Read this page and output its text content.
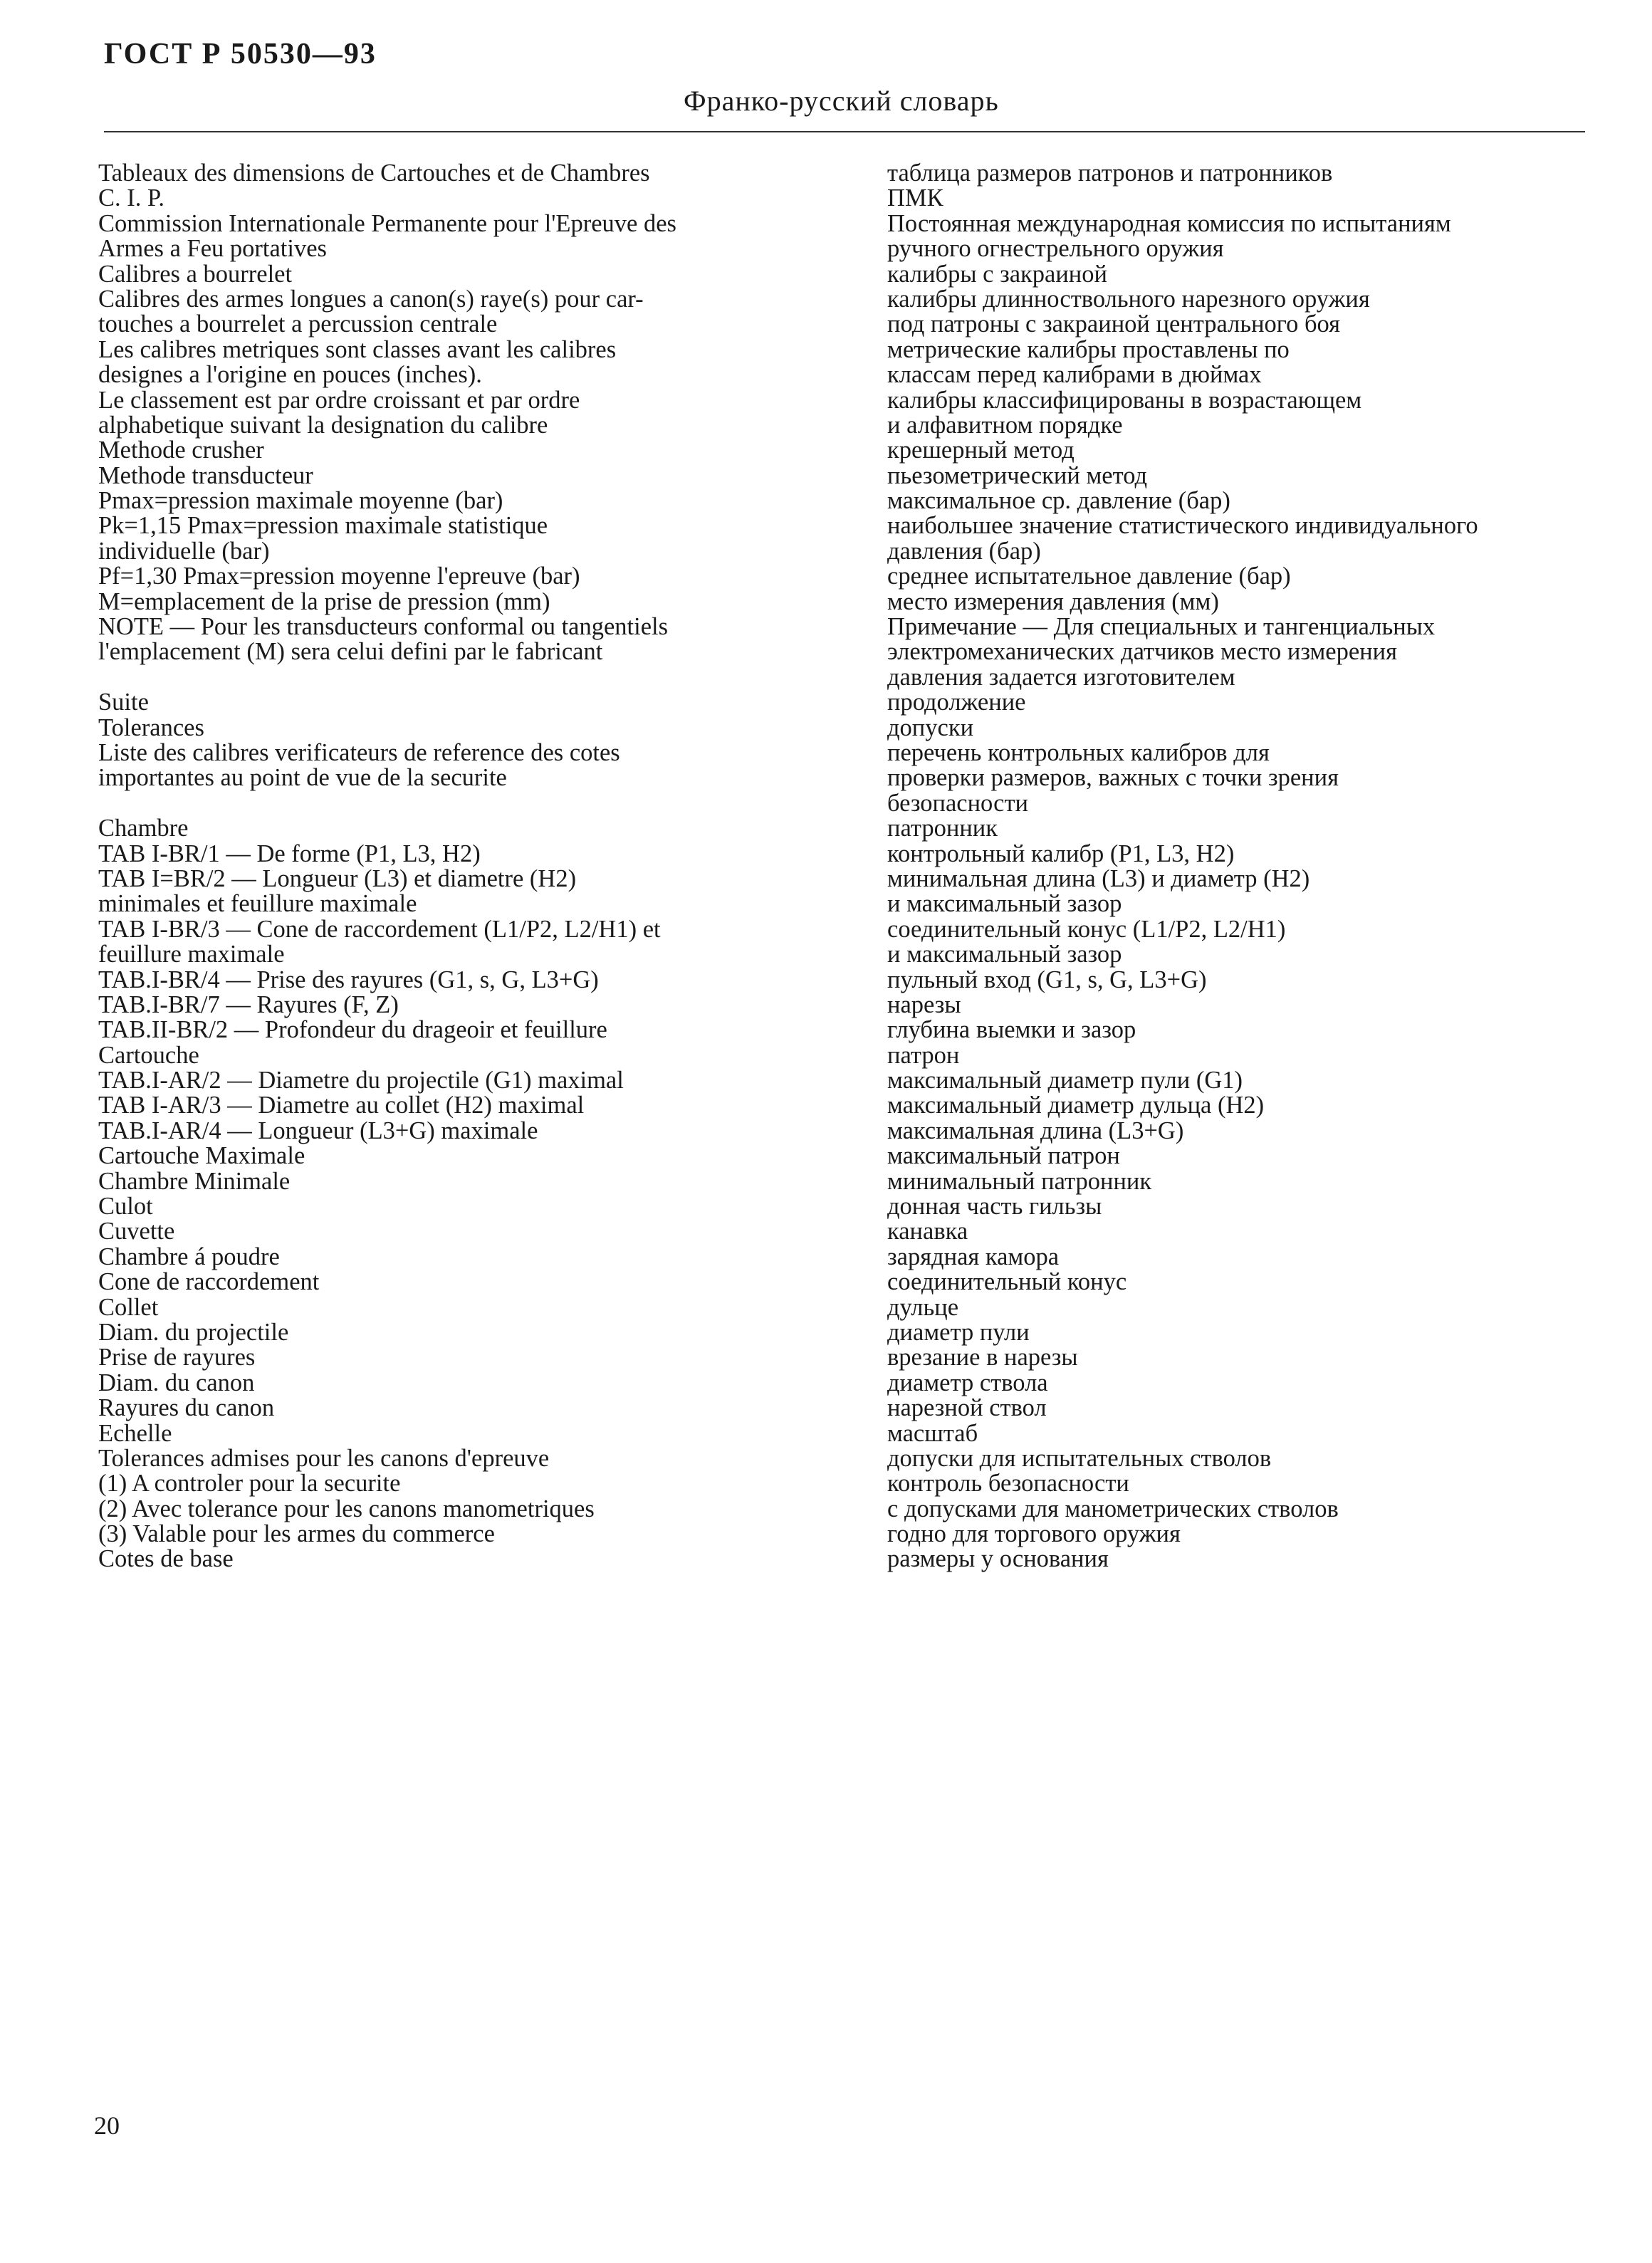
ГОСТ Р 50530—93
Франко-русский словарь
Tableaux des dimensions de Cartouches et de Chambres
C. I. P.
Commission Internationale Permanente pour l'Epreuve des
Armes a Feu portatives
Calibres a bourrelet
Calibres des armes longues a canon(s) raye(s) pour car-
touches a bourrelet a percussion centrale
Les calibres metriques sont classes avant les calibres
designes a l'origine en pouces (inches).
Le classement est par ordre croissant et par ordre
alphabetique suivant la designation du calibre
Methode crusher
Methode transducteur
Pmax=pression maximale moyenne (bar)
Pk=1,15 Pmax=pression maximale statistique
individuelle (bar)
Pf=1,30 Pmax=pression moyenne l'epreuve (bar)
M=emplacement de la prise de pression (mm)
NOTE — Pour les transducteurs conformal ou tangentiels
l'emplacement (M) sera celui defini par le fabricant
Suite
Tolerances
Liste des calibres verificateurs de reference des cotes
importantes au point de vue de la securite
Chambre
TAB I-BR/1 — De forme (P1, L3, H2)
TAB I=BR/2 — Longueur (L3) et diametre (H2)
minimales et feuillure maximale
TAB I-BR/3 — Cone de raccordement (L1/P2, L2/H1) et
feuillure maximale
TAB.I-BR/4 — Prise des rayures (G1, s, G, L3+G)
TAB.I-BR/7 — Rayures (F, Z)
TAB.II-BR/2 — Profondeur du drageoir et feuillure
Cartouche
TAB.I-AR/2 — Diametre du projectile (G1) maximal
TAB I-AR/3 — Diametre au collet (H2) maximal
TAB.I-AR/4 — Longueur (L3+G) maximale
Cartouche Maximale
Chambre Minimale
Culot
Cuvette
Chambre á poudre
Cone de raccordement
Collet
Diam. du projectile
Prise de rayures
Diam. du canon
Rayures du canon
Echelle
Tolerances admises pour les canons d'epreuve
(1) A controler pour la securite
(2) Avec tolerance pour les canons manometriques
(3) Valable pour les armes du commerce
Cotes de base
таблица размеров патронов и патронников
ПМК
Постоянная международная комиссия по испытаниям
ручного огнестрельного оружия
калибры с закраиной
калибры длинноствольного нарезного оружия
под патроны с закраиной центрального боя
метрические калибры проставлены по
классам перед калибрами в дюймах
калибры классифицированы в возрастающем
и алфавитном порядке
крешерный метод
пьезометрический метод
максимальное ср. давление (бар)
наибольшее значение статистического индивидуального
давления (бар)
среднее испытательное давление (бар)
место измерения давления (мм)
Примечание — Для специальных и тангенциальных
электромеханических датчиков место измерения
давления задается изготовителем
продолжение
допуски
перечень контрольных калибров для
проверки размеров, важных с точки зрения
безопасности
патронник
контрольный калибр (P1, L3, H2)
минимальная длина (L3) и диаметр (H2)
и максимальный зазор
соединительный конус (L1/P2, L2/H1)
и максимальный зазор
пульный вход (G1, s, G, L3+G)
нарезы
глубина выемки и зазор
патрон
максимальный диаметр пули (G1)
максимальный диаметр дульца (H2)
максимальная длина (L3+G)
максимальный патрон
минимальный патронник
донная часть гильзы
канавка
зарядная камора
соединительный конус
дульце
диаметр пули
врезание в нарезы
диаметр ствола
нарезной ствол
масштаб
допуски для испытательных стволов
контроль безопасности
с допусками для манометрических стволов
годно для торгового оружия
размеры у основания
20
